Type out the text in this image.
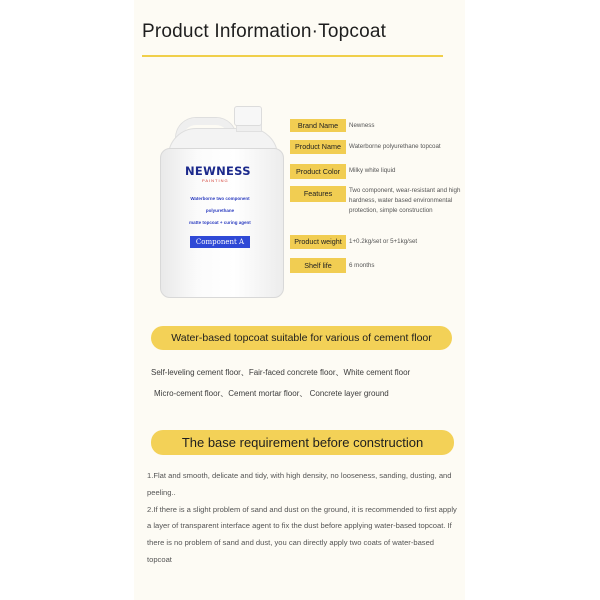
Product Information·Topcoat
NEWNESS
PAINTING
Waterborne two component
polyurethane
matte topcoat + curing agent
Component A
Brand Name	Newness
Product Name	Waterborne polyurethane topcoat
Product Color	Milky white liquid
Features	Two component, wear-resistant and high hardness, water based environmental protection, simple construction
Product weight	1+0.2kg/set or 5+1kg/set
Shelf life	6 months
Water-based topcoat suitable for various of cement floor
Self-leveling cement floor、Fair-faced concrete floor、White cement floor
Micro-cement floor、Cement mortar floor、 Concrete layer ground
The base requirement before construction
1.Flat and smooth, delicate and tidy, with high density, no looseness, sanding, dusting, and peeling..
2.If there is a slight problem of sand and dust on the ground, it is recommended to first apply a layer of transparent interface agent to fix the dust before applying water-based topcoat. If there is no problem of sand and dust, you can directly apply two coats of water-based topcoat
